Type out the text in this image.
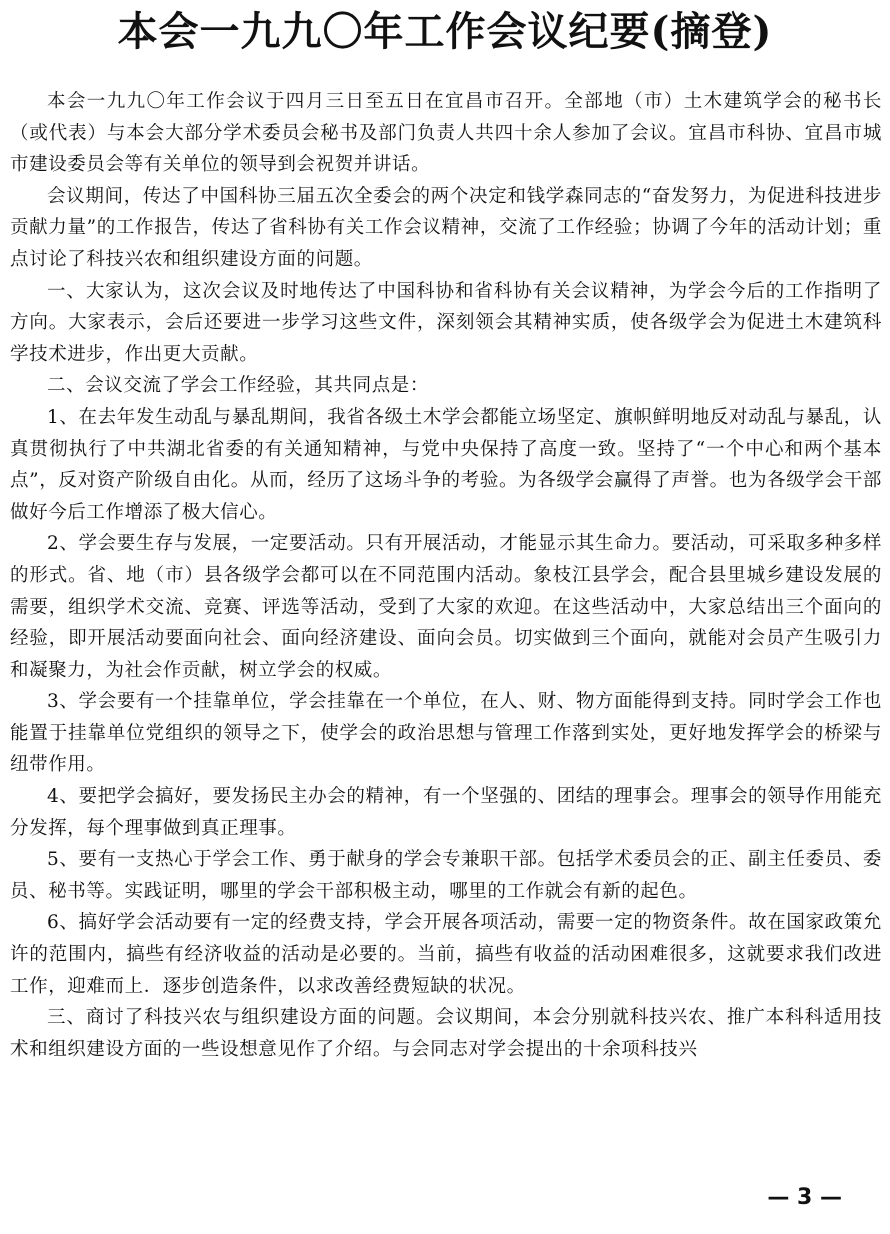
本会一九九〇年工作会议纪要(摘登)

本会一九九〇年工作会议于四月三日至五日在宜昌市召开。全部地（市）土木建筑学会的秘书长（或代表）与本会大部分学术委员会秘书及部门负责人共四十余人参加了会议。宜昌市科协、宜昌市城市建设委员会等有关单位的领导到会祝贺并讲话。

会议期间，传达了中国科协三届五次全委会的两个决定和钱学森同志的“奋发努力，为促进科技进步贡献力量”的工作报告，传达了省科协有关工作会议精神，交流了工作经验；协调了今年的活动计划；重点讨论了科技兴农和组织建设方面的问题。

一、大家认为，这次会议及时地传达了中国科协和省科协有关会议精神，为学会今后的工作指明了方向。大家表示，会后还要进一步学习这些文件，深刻领会其精神实质，使各级学会为促进土木建筑科学技术进步，作出更大贡献。

二、会议交流了学会工作经验，其共同点是：

1、在去年发生动乱与暴乱期间，我省各级土木学会都能立场坚定、旗帜鲜明地反对动乱与暴乱，认真贯彻执行了中共湖北省委的有关通知精神，与党中央保持了高度一致。坚持了“一个中心和两个基本点”，反对资产阶级自由化。从而，经历了这场斗争的考验。为各级学会赢得了声誉。也为各级学会干部做好今后工作增添了极大信心。

2、学会要生存与发展，一定要活动。只有开展活动，才能显示其生命力。要活动，可采取多种多样的形式。省、地（市）县各级学会都可以在不同范围内活动。象枝江县学会，配合县里城乡建设发展的需要，组织学术交流、竞赛、评选等活动，受到了大家的欢迎。在这些活动中，大家总结出三个面向的经验，即开展活动要面向社会、面向经济建设、面向会员。切实做到三个面向，就能对会员产生吸引力和凝聚力，为社会作贡献，树立学会的权威。

3、学会要有一个挂靠单位，学会挂靠在一个单位，在人、财、物方面能得到支持。同时学会工作也能置于挂靠单位党组织的领导之下，使学会的政治思想与管理工作落到实处，更好地发挥学会的桥梁与纽带作用。

4、要把学会搞好，要发扬民主办会的精神，有一个坚强的、团结的理事会。理事会的领导作用能充分发挥，每个理事做到真正理事。

5、要有一支热心于学会工作、勇于献身的学会专兼职干部。包括学术委员会的正、副主任委员、委员、秘书等。实践证明，哪里的学会干部积极主动，哪里的工作就会有新的起色。

6、搞好学会活动要有一定的经费支持，学会开展各项活动，需要一定的物资条件。故在国家政策允许的范围内，搞些有经济收益的活动是必要的。当前，搞些有收益的活动困难很多，这就要求我们改进工作，迎难而上．逐步创造条件，以求改善经费短缺的状况。

三、商讨了科技兴农与组织建设方面的问题。会议期间，本会分别就科技兴农、推广本科科适用技术和组织建设方面的一些设想意见作了介绍。与会同志对学会提出的十余项科技兴

— 3 —
